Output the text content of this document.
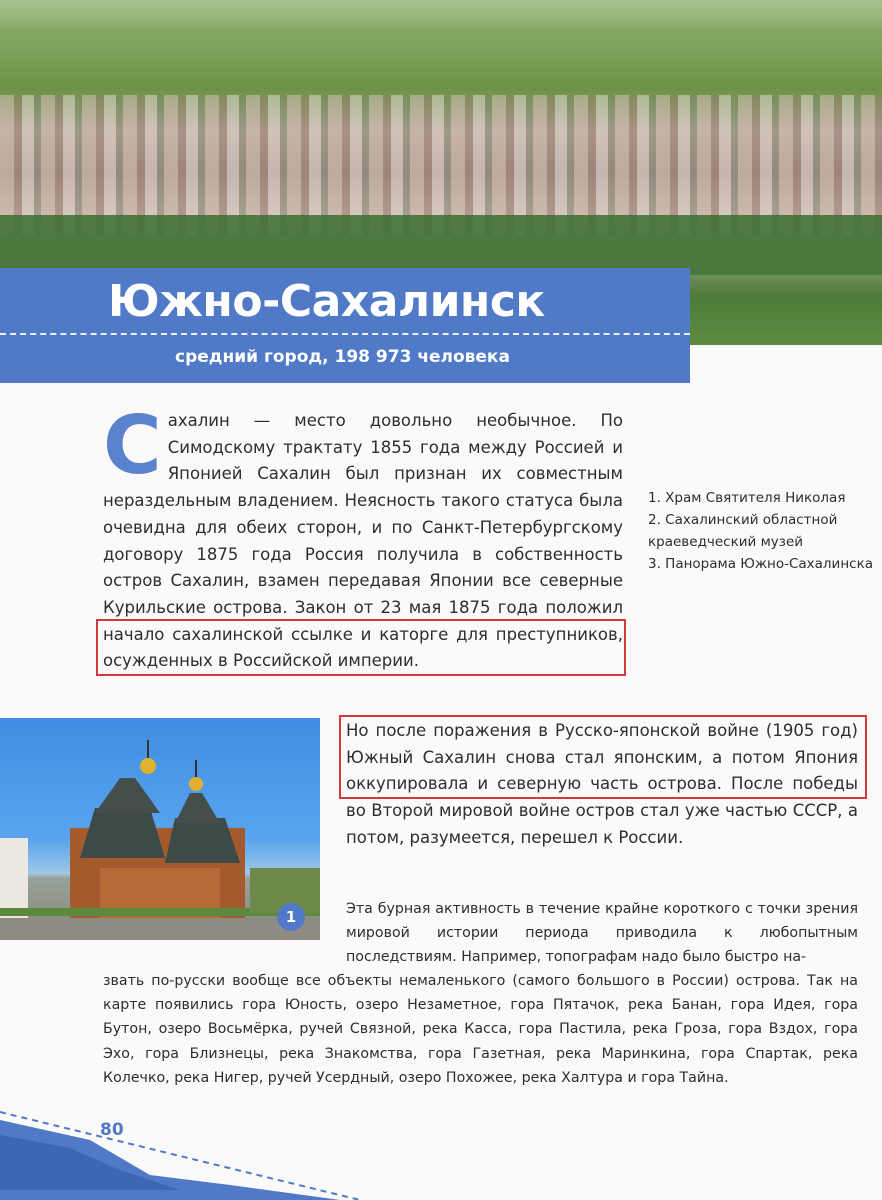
Южно-Сахалинск
средний город, 198 973 человека
С ахалин — место довольно необычное. По Симодскому трактату 1855 года между Россией и Японией Сахалин был признан их совместным нераздельным владением. Неясность такого статуса была очевидна для обеих сторон, и по Санкт-Петербургскому договору 1875 года Россия получила в собственность остров Сахалин, взамен передавая Японии все северные Курильские острова. Закон от 23 мая 1875 года положил начало сахалинской ссылке и каторге для преступников, осужденных в Российской империи.
1. Храм Святителя Николая
2. Сахалинский областной краеведческий музей
3. Панорама Южно-Сахалинска
1
Но после поражения в Русско-японской войне (1905 год) Южный Сахалин снова стал японским, а потом Япония оккупировала и северную часть острова. После победы во Второй мировой войне остров стал уже частью СССР, а потом, разумеется, перешел к России.
Эта бурная активность в течение крайне короткого с точки зрения мировой истории периода приводила к любопытным последствиям. Например, топографам надо было быстро на-
звать по-русски вообще все объекты немаленького (самого большого в России) острова. Так на карте появились гора Юность, озеро Незаметное, гора Пятачок, река Банан, гора Идея, гора Бутон, озеро Восьмёрка, ручей Связной, река Касса, гора Пастила, река Гроза, гора Вздох, гора Эхо, гора Близнецы, река Знакомства, гора Газетная, река Маринкина, гора Спартак, река Колечко, река Нигер, ручей Усердный, озеро Похожее, река Халтура и гора Тайна.
80
